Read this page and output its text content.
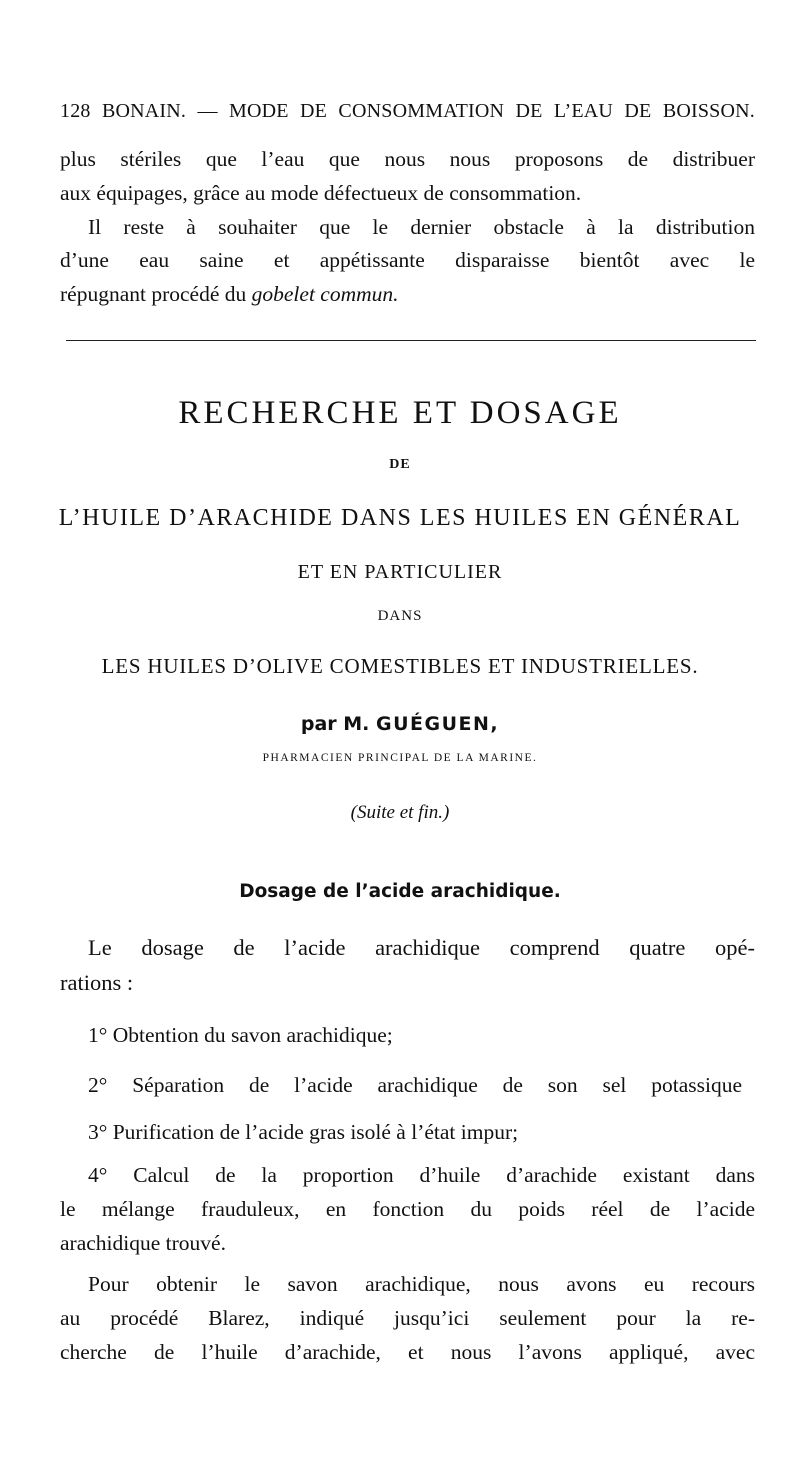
128 BONAIN. — MODE DE CONSOMMATION DE L’EAU DE BOISSON.
plus stériles que l’eau que nous nous proposons de distribuer
aux équipages, grâce au mode défectueux de consommation.
Il reste à souhaiter que le dernier obstacle à la distribution
d’une eau saine et appétissante disparaisse bientôt avec le
répugnant procédé du gobelet commun.
RECHERCHE ET DOSAGE
DE
L’HUILE D’ARACHIDE DANS LES HUILES EN GÉNÉRAL
ET EN PARTICULIER
DANS
LES HUILES D’OLIVE COMESTIBLES ET INDUSTRIELLES.
par M. GUÉGUEN,
PHARMACIEN PRINCIPAL DE LA MARINE.
(Suite et fin.)
Dosage de l’acide arachidique.
Le dosage de l’acide arachidique comprend quatre opé-
rations :
1° Obtention du savon arachidique;
2° Séparation de l’acide arachidique de son sel potassique
3° Purification de l’acide gras isolé à l’état impur;
4° Calcul de la proportion d’huile d’arachide existant dans
le mélange frauduleux, en fonction du poids réel de l’acide
arachidique trouvé.
Pour obtenir le savon arachidique, nous avons eu recours
au procédé Blarez, indiqué jusqu’ici seulement pour la re-
cherche de l’huile d’arachide, et nous l’avons appliqué, avec
